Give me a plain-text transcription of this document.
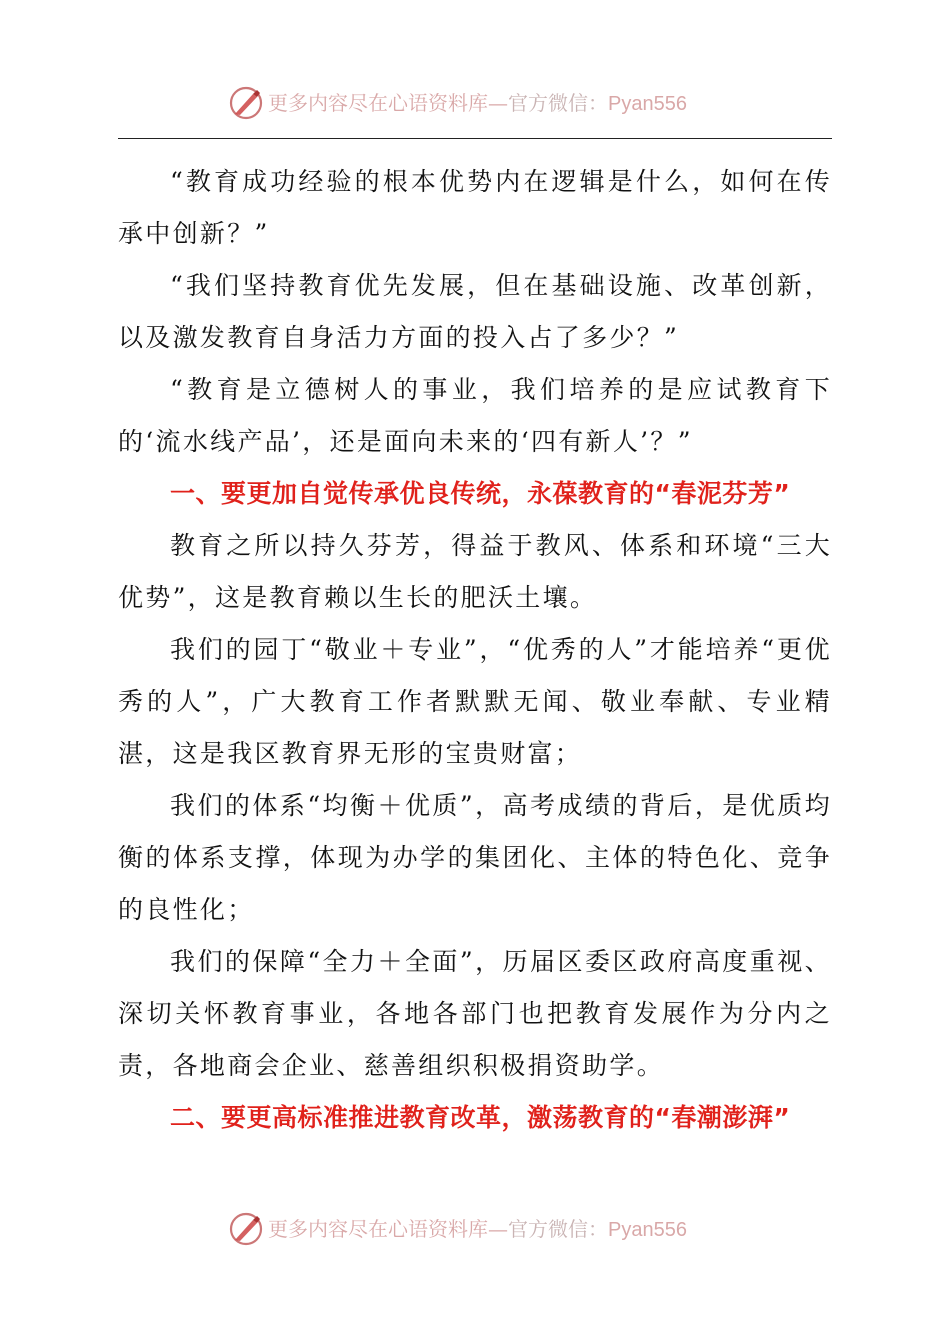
更多内容尽在心语资料库—官方微信：Pyan556

“教育成功经验的根本优势内在逻辑是什么，如何在传承中创新？”

“我们坚持教育优先发展，但在基础设施、改革创新，以及激发教育自身活力方面的投入占了多少？”

“教育是立德树人的事业，我们培养的是应试教育下的‘流水线产品’，还是面向未来的‘四有新人’？”

一、要更加自觉传承优良传统，永葆教育的“春泥芬芳”

教育之所以持久芬芳，得益于教风、体系和环境“三大优势”，这是教育赖以生长的肥沃土壤。

我们的园丁“敬业＋专业”，“优秀的人”才能培养“更优秀的人”，广大教育工作者默默无闻、敬业奉献、专业精湛，这是我区教育界无形的宝贵财富；

我们的体系“均衡＋优质”，高考成绩的背后，是优质均衡的体系支撑，体现为办学的集团化、主体的特色化、竞争的良性化；

我们的保障“全力＋全面”，历届区委区政府高度重视、深切关怀教育事业，各地各部门也把教育发展作为分内之责，各地商会企业、慈善组织积极捐资助学。

二、要更高标准推进教育改革，激荡教育的“春潮澎湃”

更多内容尽在心语资料库—官方微信：Pyan556
